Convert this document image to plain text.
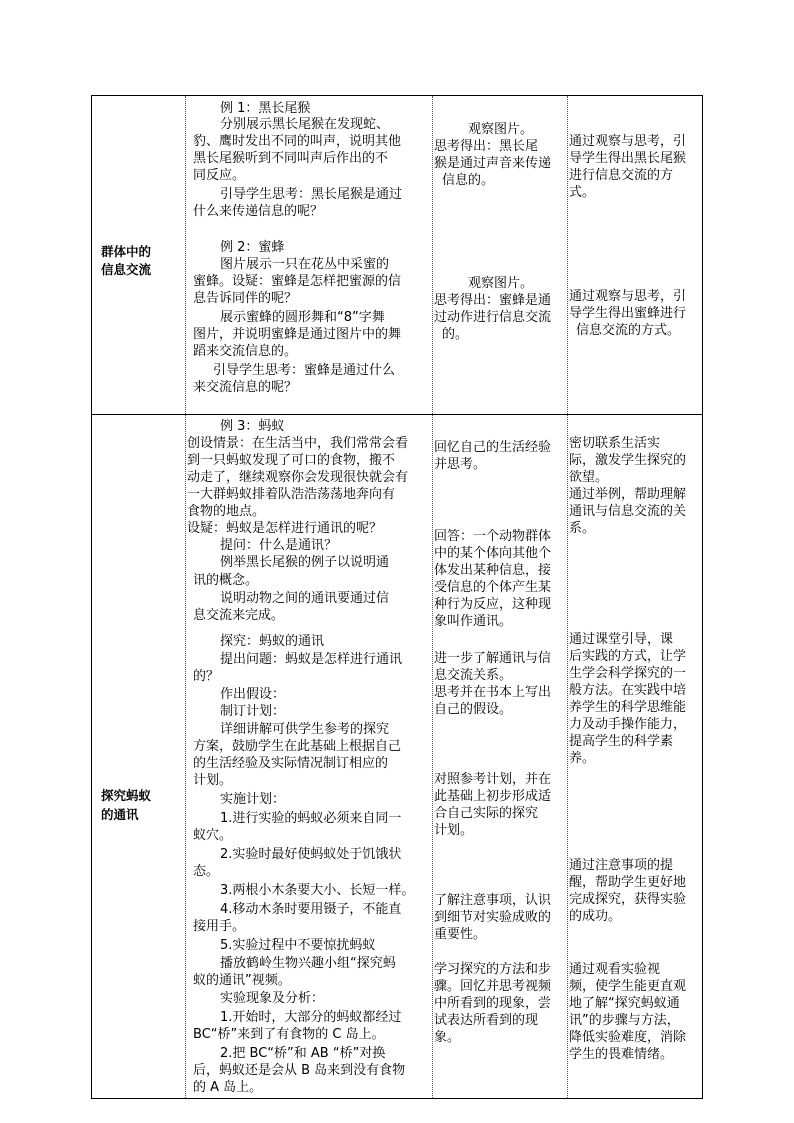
群体中的
信息交流
例 1：黑长尾猴
分别展示黑长尾猴在发现蛇、
豹、鹰时发出不同的叫声，说明其他
黑长尾猴听到不同叫声后作出的不
同反应。
引导学生思考：黑长尾猴是通过
什么来传递信息的呢？
例 2：蜜蜂
图片展示一只在花丛中采蜜的
蜜蜂。设疑：蜜蜂是怎样把蜜源的信
息告诉同伴的呢？
展示蜜蜂的圆形舞和“8”字舞
图片，并说明蜜蜂是通过图片中的舞
蹈来交流信息的。
引导学生思考：蜜蜂是通过什么
来交流信息的呢？
观察图片。
思考得出：黑长尾
猴是通过声音来传递
信息的。
观察图片。
思考得出：蜜蜂是通
过动作进行信息交流
的。
通过观察与思考，引
导学生得出黑长尾猴
进行信息交流的方
式。
通过观察与思考，引
导学生得出蜜蜂进行
信息交流的方式。
探究蚂蚁
的通讯
例 3：蚂蚁
创设情景：在生活当中，我们常常会看
到一只蚂蚁发现了可口的食物，搬不
动走了，继续观察你会发现很快就会有
一大群蚂蚁排着队浩浩荡荡地奔向有
食物的地点。
设疑：蚂蚁是怎样进行通讯的呢？
提问：什么是通讯？
例举黑长尾猴的例子以说明通
讯的概念。
说明动物之间的通讯要通过信
息交流来完成。
探究：蚂蚁的通讯
提出问题：蚂蚁是怎样进行通讯
的？
作出假设：
制订计划：
详细讲解可供学生参考的探究
方案，鼓励学生在此基础上根据自己
的生活经验及实际情况制订相应的
计划。
实施计划：
1.进行实验的蚂蚁必须来自同一
蚁穴。
2.实验时最好使蚂蚁处于饥饿状
态。
3.两根小木条要大小、长短一样。
4.移动木条时要用镊子，不能直
接用手。
5.实验过程中不要惊扰蚂蚁
播放鹤岭生物兴趣小组“探究蚂
蚁的通讯”视频。
实验现象及分析：
1.开始时，大部分的蚂蚁都经过
BC“桥”来到了有食物的 C 岛上。
2.把 BC“桥”和 AB “桥”对换
后，蚂蚁还是会从 B 岛来到没有食物
的 A 岛上。
回忆自己的生活经验
并思考。
回答：一个动物群体
中的某个体向其他个
体发出某种信息，接
受信息的个体产生某
种行为反应，这种现
象叫作通讯。
进一步了解通讯与信
息交流关系。
思考并在书本上写出
自己的假设。
对照参考计划，并在
此基础上初步形成适
合自己实际的探究
计划。
了解注意事项，认识
到细节对实验成败的
重要性。
学习探究的方法和步
骤。回忆并思考视频
中所看到的现象，尝
试表达所看到的现
象。
密切联系生活实
际，激发学生探究的
欲望。
通过举例，帮助理解
通讯与信息交流的关
系。
通过课堂引导，课
后实践的方式，让学
生学会科学探究的一
般方法。在实践中培
养学生的科学思维能
力及动手操作能力，
提高学生的科学素
养。
通过注意事项的提
醒，帮助学生更好地
完成探究，获得实验
的成功。
通过观看实验视
频，使学生能更直观
地了解“探究蚂蚁通
讯”的步骤与方法，
降低实验难度，消除
学生的畏难情绪。
